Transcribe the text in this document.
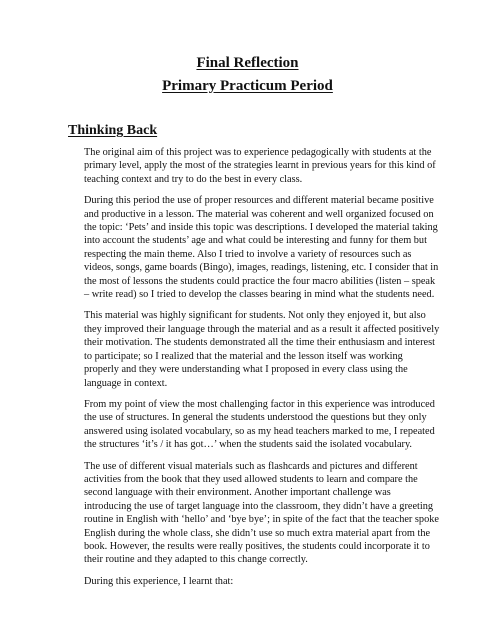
Final Reflection
Primary Practicum Period
Thinking Back

The original aim of this project was to experience pedagogically with students at the primary level, apply the most of the strategies learnt in previous years for this kind of teaching context and try to do the best in every class.

During this period the use of proper resources and different material became positive and productive in a lesson. The material was coherent and well organized focused on the topic: ‘Pets’ and inside this topic was descriptions. I developed the material taking into account the students’ age and what could be interesting and funny for them but respecting the main theme. Also I tried to involve a variety of resources such as videos, songs, game boards (Bingo), images, readings, listening, etc. I consider that in the most of lessons the students could practice the four macro abilities (listen – speak – write read) so I tried to develop the classes bearing in mind what the students need.

This material was highly significant for students. Not only they enjoyed it, but also they improved their language through the material and as a result it affected positively their motivation. The students demonstrated all the time their enthusiasm and interest to participate; so I realized that the material and the lesson itself was working properly and they were understanding what I proposed in every class using the language in context.

From my point of view the most challenging factor in this experience was introduced the use of structures. In general the students understood the questions but they only answered using isolated vocabulary, so as my head teachers marked to me, I repeated the structures ‘it’s / it has got…’ when the students said the isolated vocabulary.

The use of different visual materials such as flashcards and pictures and different activities from the book that they used allowed students to learn and compare the second language with their environment. Another important challenge was introducing the use of target language into the classroom, they didn’t have a greeting routine in English with ‘hello’ and ‘bye bye’; in spite of the fact that the teacher spoke English during the whole class, she didn’t use so much extra material apart from the book. However, the results were really positives, the students could incorporate it to their routine and they adapted to this change correctly.

During this experience, I learnt that:
